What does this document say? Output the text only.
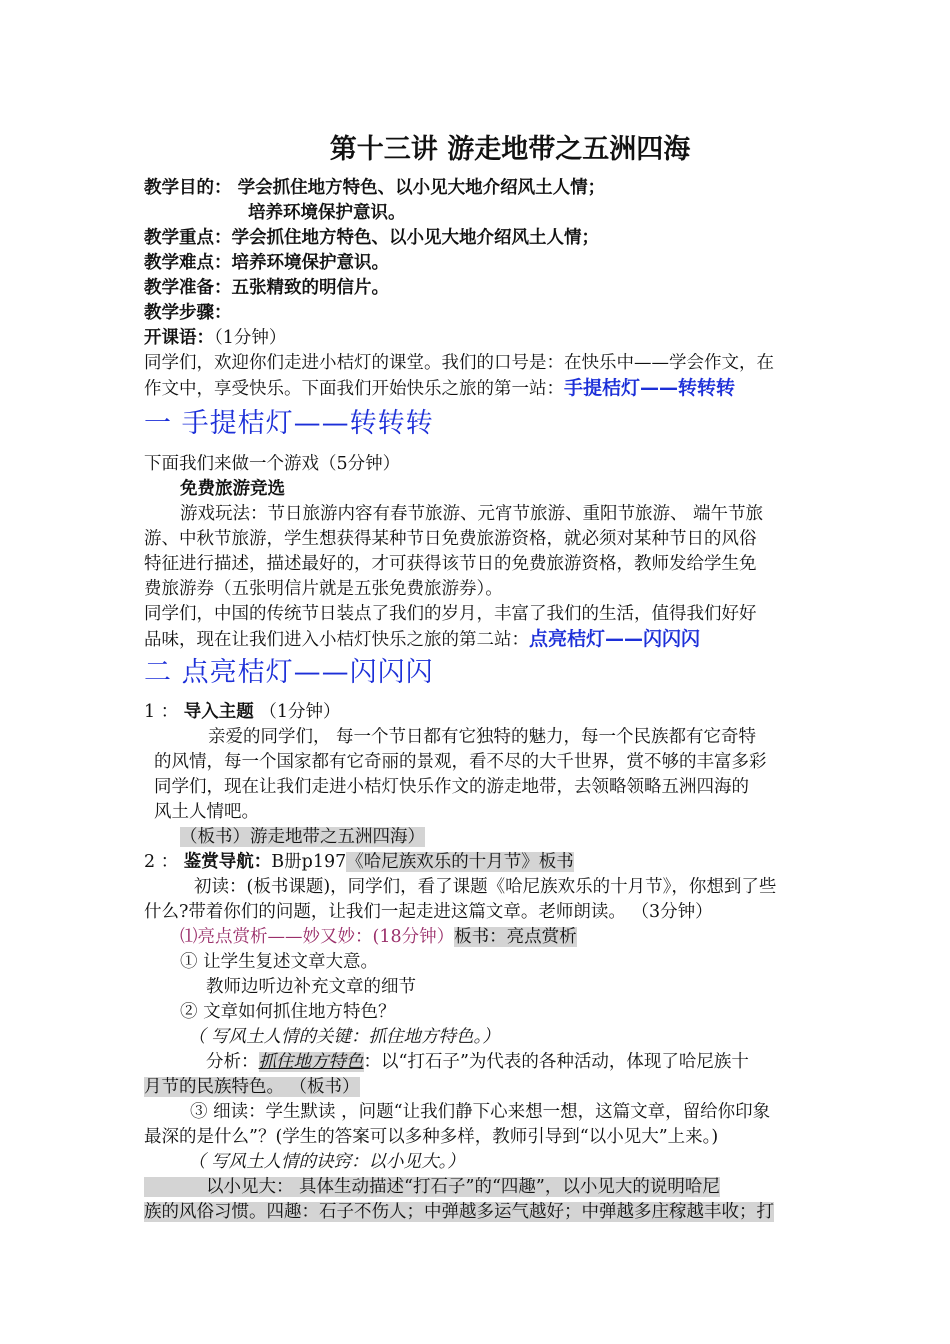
第十三讲 游走地带之五洲四海
教学目的： 学会抓住地方特色、以小见大地介绍风土人情；
培养环境保护意识。
教学重点：学会抓住地方特色、以小见大地介绍风土人情；
教学难点：培养环境保护意识。
教学准备：五张精致的明信片。
教学步骤：
开课语：（1分钟）
同学们，欢迎你们走进小桔灯的课堂。我们的口号是：在快乐中——学会作文，在
作文中，享受快乐。下面我们开始快乐之旅的第一站：手提桔灯——转转转
一 手提桔灯——转转转
下面我们来做一个游戏（5分钟）
免费旅游竞选
游戏玩法：节日旅游内容有春节旅游、元宵节旅游、重阳节旅游、 端午节旅
游、中秋节旅游，学生想获得某种节日免费旅游资格，就必须对某种节日的风俗
特征进行描述，描述最好的，才可获得该节日的免费旅游资格，教师发给学生免
费旅游券（五张明信片就是五张免费旅游券）。
同学们，中国的传统节日装点了我们的岁月，丰富了我们的生活，值得我们好好
品味，现在让我们进入小桔灯快乐之旅的第二站：点亮桔灯——闪闪闪
二 点亮桔灯——闪闪闪
1 ： 导入主题 （1分钟）
亲爱的同学们， 每一个节日都有它独特的魅力，每一个民族都有它奇特
的风情，每一个国家都有它奇丽的景观，看不尽的大千世界，赏不够的丰富多彩
同学们，现在让我们走进小桔灯快乐作文的游走地带，去领略领略五洲四海的
风土人情吧。
（板书）游走地带之五洲四海）
2 ： 鉴赏导航：B册p197《哈尼族欢乐的十月节》板书
初读：(板书课题)，同学们，看了课题《哈尼族欢乐的十月节》，你想到了些
什么?带着你们的问题，让我们一起走进这篇文章。老师朗读。 （3分钟）
⑴亮点赏析——妙又妙：(18分钟）板书：亮点赏析
① 让学生复述文章大意。
教师边听边补充文章的细节
② 文章如何抓住地方特色？
（ 写风土人情的关键：抓住地方特色。）
分析：抓住地方特色：以“打石子”为代表的各种活动，体现了哈尼族十
月节的民族特色。 （板书）
③ 细读：学生默读 ，问题“让我们静下心来想一想，这篇文章，留给你印象
最深的是什么”？(学生的答案可以多种多样，教师引导到“以小见大”上来。)
（ 写风土人情的诀窍：以小见大。）
以小见大： 具体生动描述“打石子”的“四趣”，以小见大的说明哈尼
族的风俗习惯。四趣：石子不伤人；中弹越多运气越好；中弹越多庄稼越丰收；打
